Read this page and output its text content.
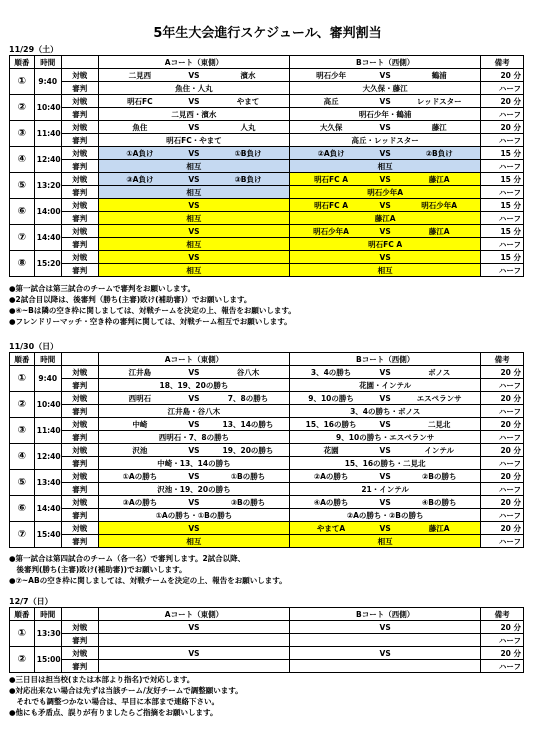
5年生大会進行スケジュール、審判割当
11/29（土）
順番	時間		Aコート（東側）	Bコート（西側）	備考
①	9:40	対戦	二見西 VS 濱水	明石少年 VS 鶴浦	20 分
		審判	魚住・人丸	大久保・藤江	ハーフ
②	10:40	対戦	明石FC VS やまて	高丘 VS レッドスター	20 分
		審判	二見西・濱水	明石少年・鶴浦	ハーフ
③	11:40	対戦	魚住 VS 人丸	大久保 VS 藤江	20 分
		審判	明石FC・やまて	高丘・レッドスター	ハーフ
④	12:40	対戦	①A負け VS ①B負け	②A負け VS ②B負け	15 分
		審判	相互	相互	ハーフ
⑤	13:20	対戦	③A負け VS ③B負け	明石FC A VS 藤江A	15 分
		審判	相互	明石少年A	ハーフ
⑥	14:00	対戦	VS	明石FC A VS 明石少年A	15 分
		審判	相互	藤江A	ハーフ
⑦	14:40	対戦	VS	明石少年A VS 藤江A	15 分
		審判	相互	明石FC A	ハーフ
⑧	15:20	対戦	VS	VS	15 分
		審判	相互	相互	ハーフ
●第一試合は第三試合のチームで審判をお願いします。
●2試合目以降は、後審判（勝ち(主審)敗け(補助審)）でお願いします。
●④~Bは隣の空き枠に関しましては、対戦チームを決定の上、報告をお願いします。
●フレンドリーマッチ・空き枠の審判に関しては、対戦チーム相互でお願いします。
11/30（日）
順番	時間		Aコート（東側）	Bコート（西側）	備考
①	9:40	対戦	江井島 VS 谷八木	3、4の勝ち VS ボノス	20 分
		審判	18、19、20の勝ち	花園・インテル	ハーフ
②	10:40	対戦	西明石 VS 7、8の勝ち	9、10の勝ち VS エスペランサ	20 分
		審判	江井島・谷八木	3、4の勝ち・ボノス	ハーフ
③	11:40	対戦	中崎 VS 13、14の勝ち	15、16の勝ち VS 二見北	20 分
		審判	西明石・7、8の勝ち	9、10の勝ち・エスペランサ	ハーフ
④	12:40	対戦	沢池 VS 19、20の勝ち	花園 VS インテル	20 分
		審判	中崎・13、14の勝ち	15、16の勝ち・二見北	ハーフ
⑤	13:40	対戦	①Aの勝ち VS ①Bの勝ち	②Aの勝ち VS ②Bの勝ち	20 分
		審判	沢池・19、20の勝ち	21・インテル	ハーフ
⑥	14:40	対戦	③Aの勝ち VS ③Bの勝ち	④Aの勝ち VS ④Bの勝ち	20 分
		審判	①Aの勝ち・①Bの勝ち	②Aの勝ち・②Bの勝ち	ハーフ
⑦	15:40	対戦	VS	やまてA VS 藤江A	20 分
		審判	相互	相互	ハーフ
●第一試合は第四試合のチーム（各一名）で審判します。2試合以降、
　後審判(勝ち(主審)敗け(補助審))でお願いします。
●⑦~ABの空き枠に関しましては、対戦チームを決定の上、報告をお願いします。
12/7（日）
順番	時間		Aコート（東側）	Bコート（西側）	備考
①	13:30	対戦	VS	VS	20 分
		審判			ハーフ
②	15:00	対戦	VS	VS	20 分
		審判			ハーフ
●三日目は担当校(または本部より指名)で対応します。
●対応出来ない場合は先ずは当該チーム/友好チームで調整願います。
　それでも調整つかない場合は、早目に本部まで連絡下さい。
●他にも矛盾点、誤りが有りましたらご指摘をお願いします。
